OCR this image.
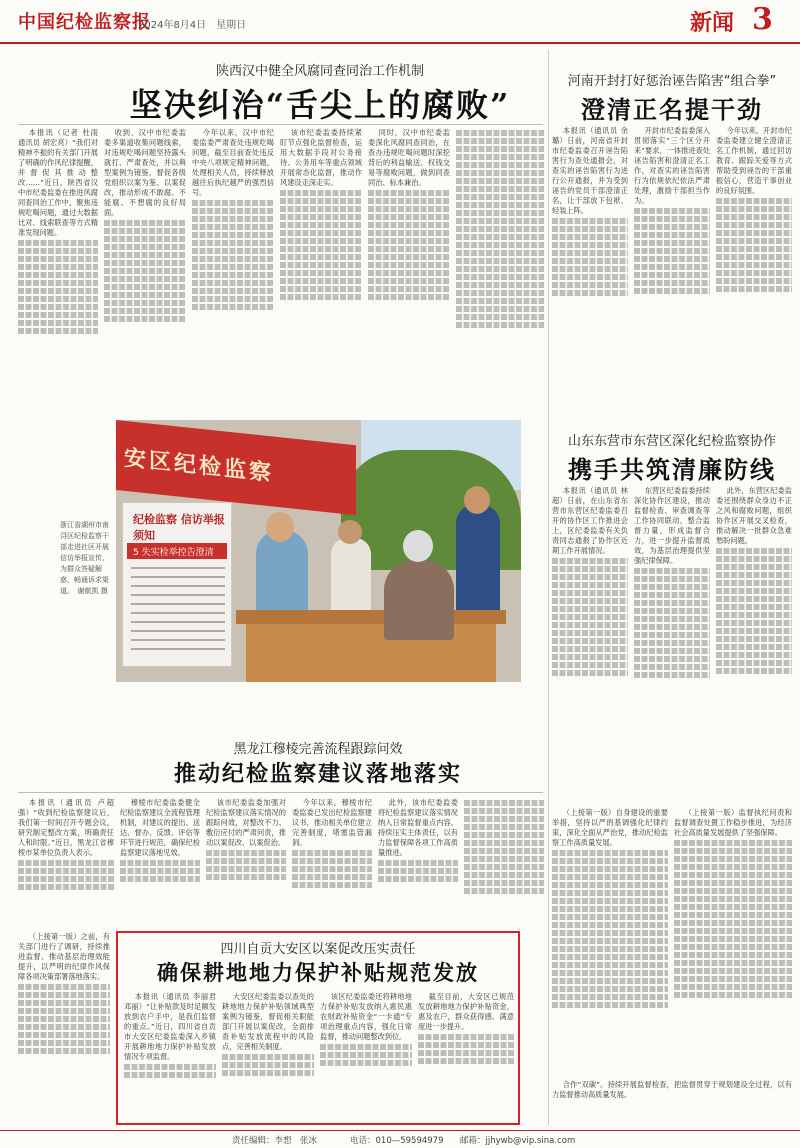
中国纪检监察报
2024年8月4日　星期日	新闻 3
陕西汉中健全风腐同查同治工作机制
坚决纠治“舌尖上的腐败”

本报讯（记者 杜雨 通讯员 胡宏亮）“我们对精神不振的有关部门开展了明确的作风纪律提醒，并督促其推动整改……”近日，陕西省汉中市纪委监委在推进风腐同查同治工作中，聚焦违规吃喝问题，通过大数据比对、线索联查等方式精准发现问题。

收到、汉中市纪委监委多渠道收集问题线索，对违规吃喝问题坚持露头就打、严肃查处，并以典型案例为镜鉴，督促各级党组织以案为鉴、以案促改，推动形成不敢腐、不能腐、不想腐的良好局面。

今年以来，汉中市纪委监委严肃查处违规吃喝问题，截至目前查处违反中央八项规定精神问题，处理相关人员，持续释放越往后执纪越严的强烈信号。

该市纪委监委持续紧盯节点强化监督检查，运用大数据手段对公务接待、公务用车等重点领域开展常态化监督，推动作风建设走深走实。

同时，汉中市纪委监委深化风腐同查同治，在查办违规吃喝问题时深挖背后的利益输送、权钱交易等腐败问题，做到同查同治、标本兼治。

河南开封打好惩治诬告陷害“组合拳”
澄清正名提干劲

本报讯（通讯员 余璐）日前，河南省开封市纪委监委召开诬告陷害行为查处通报会，对查实的诬告陷害行为进行公开通报，并为受到诬告的党员干部澄清正名，让干部放下包袱、轻装上阵。

开封市纪委监委深入贯彻落实“三个区分开来”要求，一体推进查处诬告陷害和澄清正名工作，对查实的诬告陷害行为依规依纪依法严肃处理，激励干部担当作为。

今年以来，开封市纪委监委建立健全澄清正名工作机制，通过回访教育、跟踪关爱等方式帮助受到诬告的干部重振信心，营造干事创业的良好氛围。

安区纪检监察
纪检监察 信访举报须知
5 失实检举控告澄清
浙江省湖州市南浔区纪检监察干部走进社区开展信访举报宣传，为群众答疑解惑，畅通诉求渠道。　谢航凯 摄
山东东营市东营区深化纪检监察协作
携手共筑清廉防线

本报讯（通讯员 林超）日前，在山东省东营市东营区纪委监委召开的协作区工作推进会上，区纪委监委有关负责同志通报了协作区近期工作开展情况。

东营区纪委监委持续深化协作区建设，推动监督检查、审查调查等工作协同联动，整合监督力量，形成监督合力，进一步提升监督质效，为基层治理提供坚强纪律保障。

此外，东营区纪委监委还围绕群众身边不正之风和腐败问题，组织协作区开展交叉检查，推动解决一批群众急难愁盼问题。

黑龙江穆棱完善流程跟踪问效
推动纪检监察建议落地落实

本报讯（通讯员 卢超强）“收到纪检监察建议后，我们第一时间召开专题会议，研究制定整改方案，明确责任人和时限。”近日，黑龙江省穆棱市某单位负责人表示。

穆棱市纪委监委健全纪检监察建议全流程管理机制，对建议的提出、送达、督办、反馈、评估等环节进行规范，确保纪检监察建议落地见效。

该市纪委监委加强对纪检监察建议落实情况的跟踪问效，对整改不力、敷衍应付的严肃问责，推动以案促改、以案促治。

今年以来，穆棱市纪委监委已发出纪检监察建议书，推动相关单位建立完善制度，堵塞监管漏洞。

此外，该市纪委监委将纪检监察建议落实情况纳入日常监督重点内容，持续压实主体责任，以有力监督保障各项工作高质量推进。

（上接第一版）自身建设的重要举措，坚持以严的基调强化纪律约束，深化全面从严治党，推动纪检监察工作高质量发展。

（上接第一版）监督执纪问责和监督调查处置工作稳步推进，为经济社会高质量发展提供了坚强保障。

四川自贡大安区以案促改压实责任
确保耕地地力保护补贴规范发放

本报讯（通讯员 李丽君 邓丽）“让补贴款及时足额发放到农户手中，是我们监督的重点。”近日，四川省自贡市大安区纪委监委深入乡镇开展耕地地力保护补贴发放情况专项监督。

大安区纪委监委以查处的耕地地力保护补贴领域典型案例为镜鉴，督促相关职能部门开展以案促改，全面排查补贴发放流程中的风险点，完善相关制度。

该区纪委监委还将耕地地力保护补贴发放纳入惠民惠农财政补贴资金“一卡通”专项治理重点内容，强化日常监督，推动问题整改到位。

截至目前，大安区已规范发放耕地地力保护补贴资金，惠及农户，群众获得感、满意度进一步提升。

（上接第一版）之前，有关部门进行了调研，持续推进监督、推动基层治理效能提升，以严明的纪律作风保障各项决策部署落地落实。

合作“双碳”。持续开展监督检查，把监督贯穿于规划建设全过程，以有力监督推动高质量发展。

责任编辑：李想　张冰	电话：010—59594979 邮箱：jjhywb@vip.sina.com
